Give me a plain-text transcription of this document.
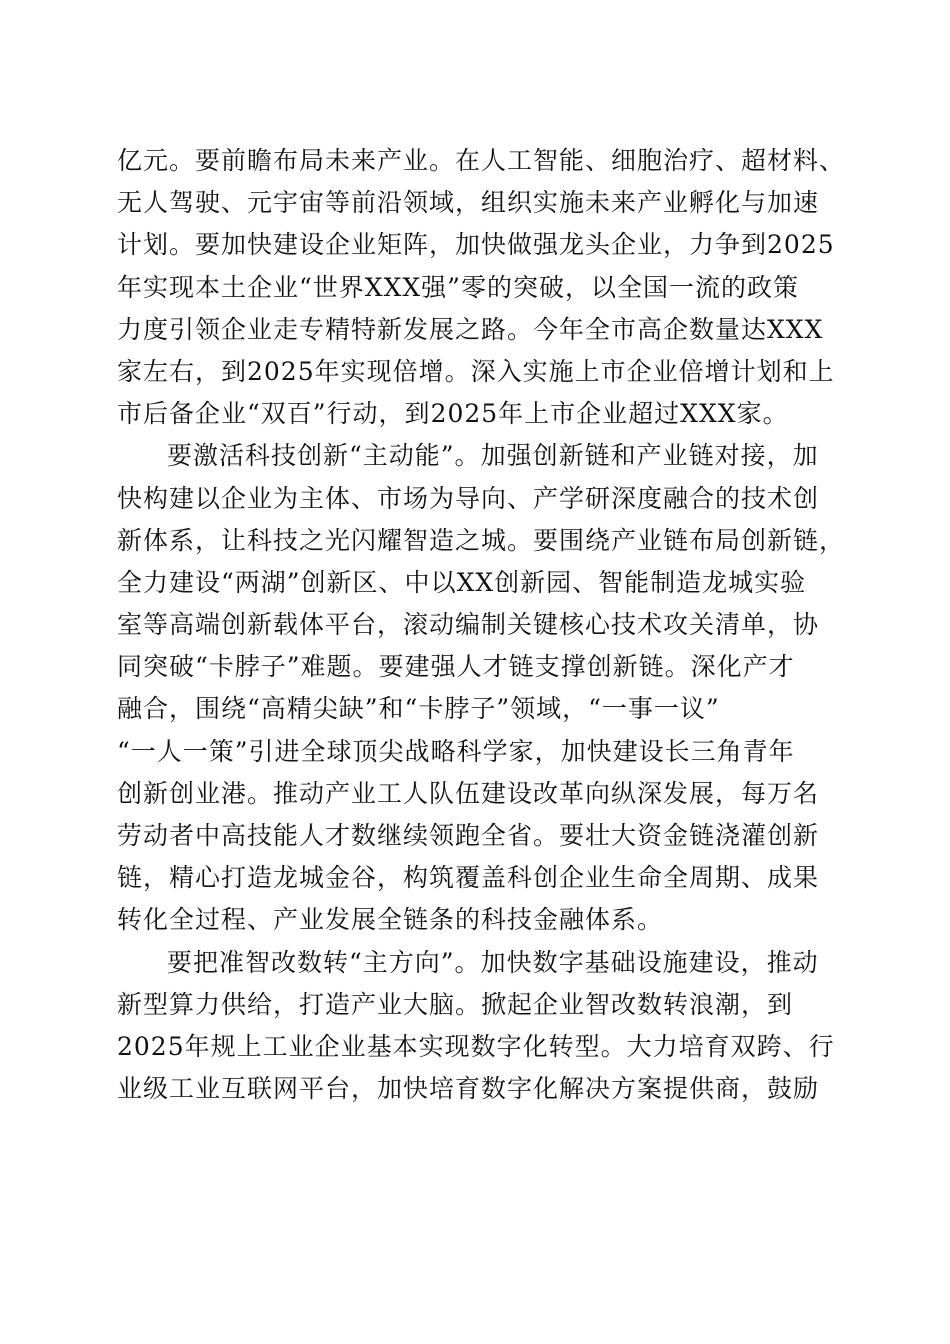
亿元。要前瞻布局未来产业。在人工智能、细胞治疗、超材料、
无人驾驶、元宇宙等前沿领域，组织实施未来产业孵化与加速
计划。要加快建设企业矩阵，加快做强龙头企业，力争到2025
年实现本土企业“世界XXX强”零的突破，以全国一流的政策
力度引领企业走专精特新发展之路。今年全市高企数量达XXX
家左右，到2025年实现倍增。深入实施上市企业倍增计划和上
市后备企业“双百”行动，到2025年上市企业超过XXX家。
要激活科技创新“主动能”。加强创新链和产业链对接，加
快构建以企业为主体、市场为导向、产学研深度融合的技术创
新体系，让科技之光闪耀智造之城。要围绕产业链布局创新链，
全力建设“两湖”创新区、中以XX创新园、智能制造龙城实验
室等高端创新载体平台，滚动编制关键核心技术攻关清单，协
同突破“卡脖子”难题。要建强人才链支撑创新链。深化产才
融合，围绕“高精尖缺”和“卡脖子”领域，“一事一议”
“一人一策”引进全球顶尖战略科学家，加快建设长三角青年
创新创业港。推动产业工人队伍建设改革向纵深发展，每万名
劳动者中高技能人才数继续领跑全省。要壮大资金链浇灌创新
链，精心打造龙城金谷，构筑覆盖科创企业生命全周期、成果
转化全过程、产业发展全链条的科技金融体系。
要把准智改数转“主方向”。加快数字基础设施建设，推动
新型算力供给，打造产业大脑。掀起企业智改数转浪潮，到
2025年规上工业企业基本实现数字化转型。大力培育双跨、行
业级工业互联网平台，加快培育数字化解决方案提供商，鼓励
